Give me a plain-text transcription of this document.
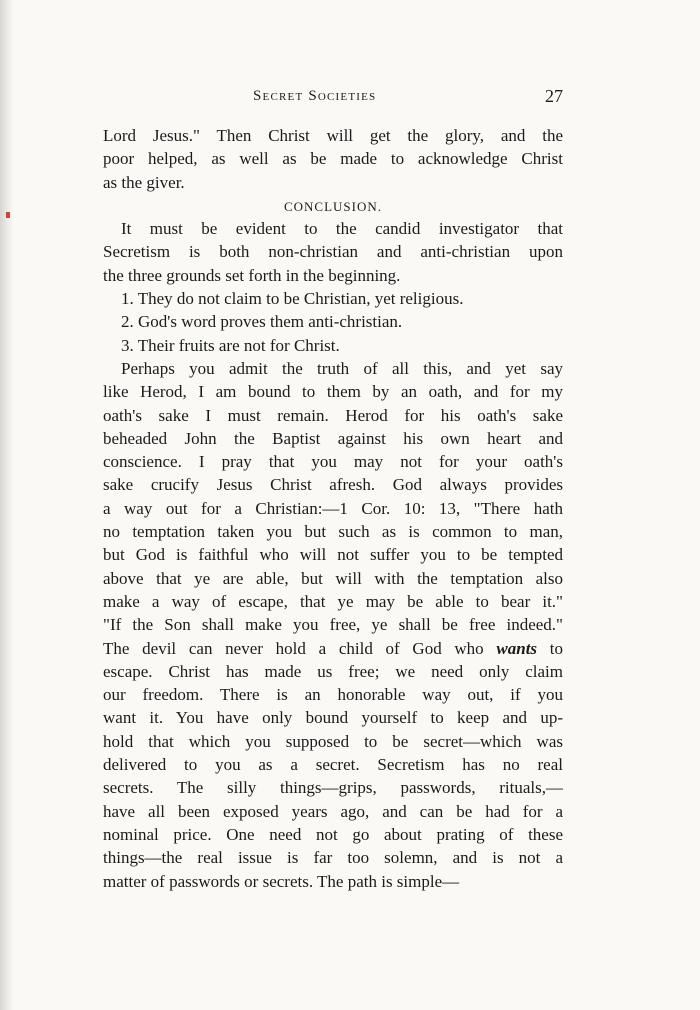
Secret Societies	27
Lord Jesus." Then Christ will get the glory, and the
poor helped, as well as be made to acknowledge Christ
as the giver.
CONCLUSION.
It must be evident to the candid investigator that
Secretism is both non-christian and anti-christian upon
the three grounds set forth in the beginning.
1. They do not claim to be Christian, yet religious.
2. God's word proves them anti-christian.
3. Their fruits are not for Christ.
Perhaps you admit the truth of all this, and yet say
like Herod, I am bound to them by an oath, and for my
oath's sake I must remain. Herod for his oath's sake
beheaded John the Baptist against his own heart and
conscience. I pray that you may not for your oath's
sake crucify Jesus Christ afresh. God always provides
a way out for a Christian:—1 Cor. 10: 13, "There hath
no temptation taken you but such as is common to man,
but God is faithful who will not suffer you to be tempted
above that ye are able, but will with the temptation also
make a way of escape, that ye may be able to bear it."
"If the Son shall make you free, ye shall be free indeed."
The devil can never hold a child of God who wants to
escape. Christ has made us free; we need only claim
our freedom. There is an honorable way out, if you
want it. You have only bound yourself to keep and up-
hold that which you supposed to be secret—which was
delivered to you as a secret. Secretism has no real
secrets. The silly things—grips, passwords, rituals,—
have all been exposed years ago, and can be had for a
nominal price. One need not go about prating of these
things—the real issue is far too solemn, and is not a
matter of passwords or secrets. The path is simple—
